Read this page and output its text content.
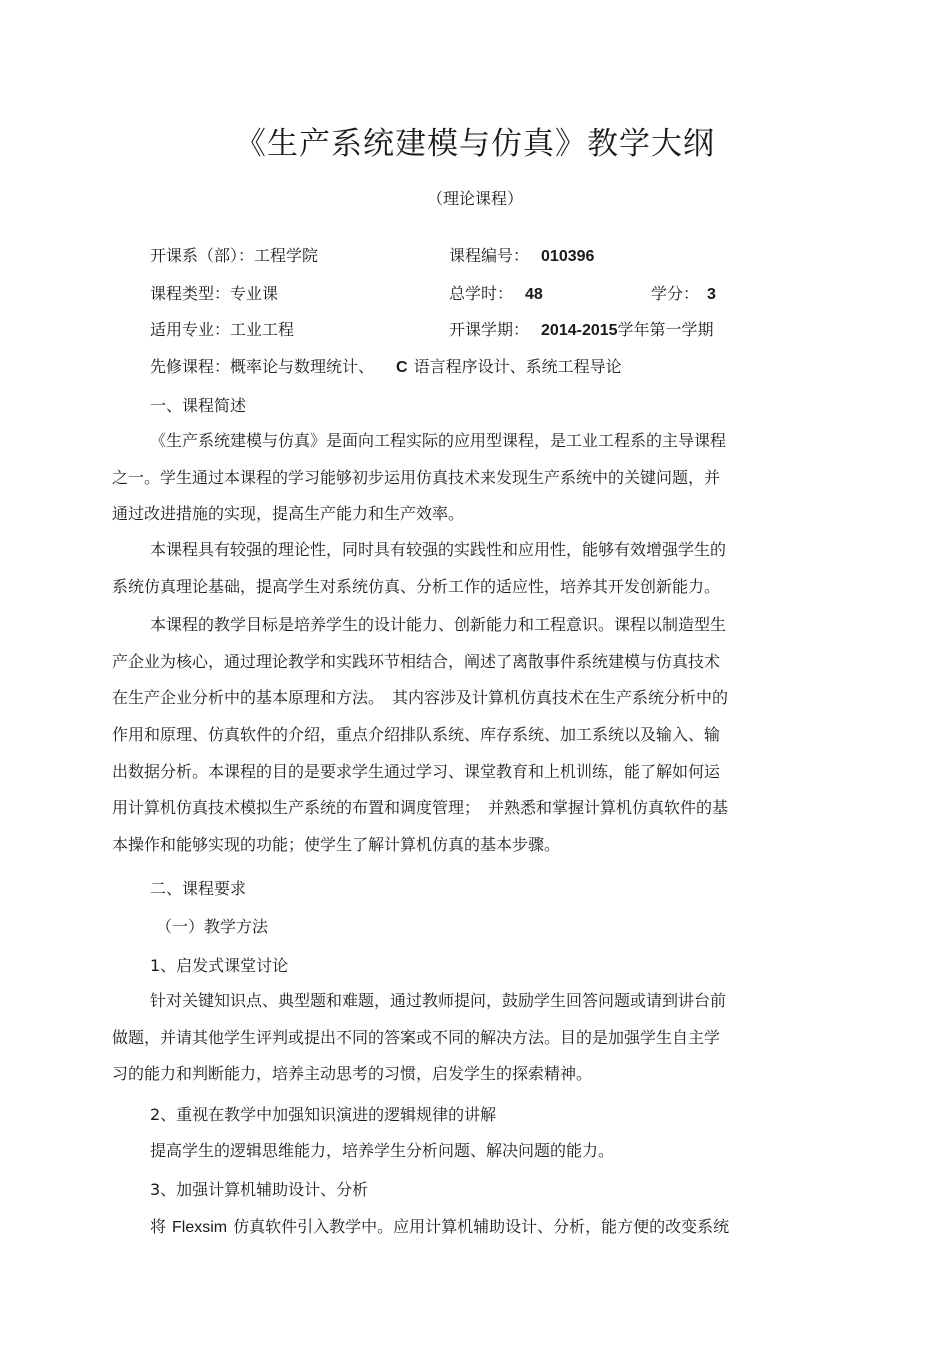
《生产系统建模与仿真》教学大纲
（理论课程）
开课系（部）：工程学院	课程编号： 010396
课程类型：专业课	总学时： 48	学分： 3
适用专业：工业工程	开课学期： 2014-2015学年第一学期
先修课程：概率论与数理统计、 C 语言程序设计、系统工程导论
一、课程简述
《生产系统建模与仿真》是面向工程实际的应用型课程，是工业工程系的主导课程
之一。学生通过本课程的学习能够初步运用仿真技术来发现生产系统中的关键问题，并
通过改进措施的实现，提高生产能力和生产效率。
本课程具有较强的理论性，同时具有较强的实践性和应用性，能够有效增强学生的
系统仿真理论基础，提高学生对系统仿真、分析工作的适应性，培养其开发创新能力。
本课程的教学目标是培养学生的设计能力、创新能力和工程意识。课程以制造型生
产企业为核心，通过理论教学和实践环节相结合，阐述了离散事件系统建模与仿真技术
在生产企业分析中的基本原理和方法。　其内容涉及计算机仿真技术在生产系统分析中的
作用和原理、仿真软件的介绍，重点介绍排队系统、库存系统、加工系统以及输入、输
出数据分析。本课程的目的是要求学生通过学习、课堂教育和上机训练，能了解如何运
用计算机仿真技术模拟生产系统的布置和调度管理；　并熟悉和掌握计算机仿真软件的基
本操作和能够实现的功能；使学生了解计算机仿真的基本步骤。
二、课程要求
（一）教学方法
1、启发式课堂讨论
针对关键知识点、典型题和难题，通过教师提问，鼓励学生回答问题或请到讲台前
做题，并请其他学生评判或提出不同的答案或不同的解决方法。目的是加强学生自主学
习的能力和判断能力，培养主动思考的习惯，启发学生的探索精神。
2、重视在教学中加强知识演进的逻辑规律的讲解
提高学生的逻辑思维能力，培养学生分析问题、解决问题的能力。
3、加强计算机辅助设计、分析
将 Flexsim 仿真软件引入教学中。应用计算机辅助设计、分析，能方便的改变系统
